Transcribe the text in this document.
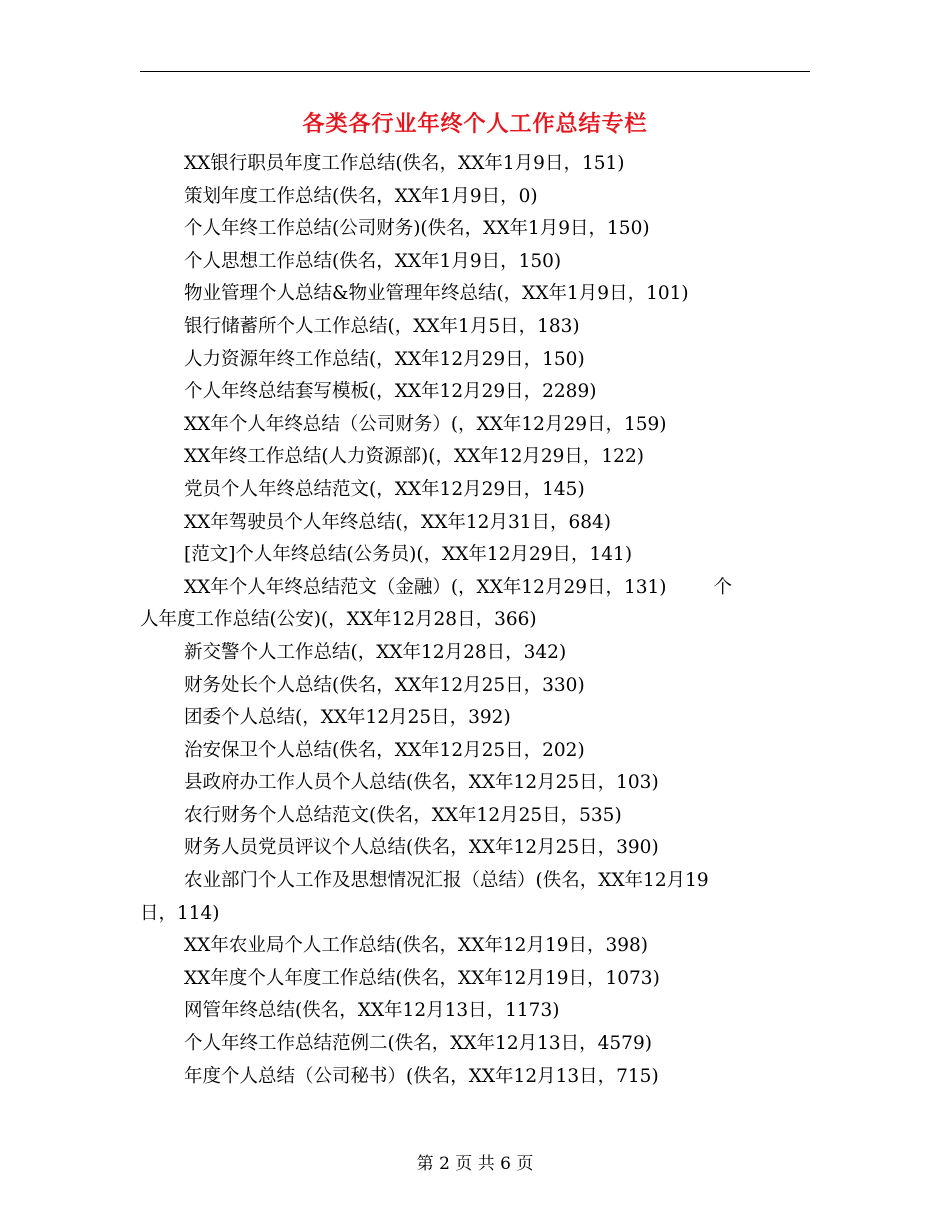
各类各行业年终个人工作总结专栏

XX银行职员年度工作总结(佚名，XX年1月9日，151)

策划年度工作总结(佚名，XX年1月9日，0)

个人年终工作总结(公司财务)(佚名，XX年1月9日，150)

个人思想工作总结(佚名，XX年1月9日，150)

物业管理个人总结&物业管理年终总结(，XX年1月9日，101)

银行储蓄所个人工作总结(，XX年1月5日，183)

人力资源年终工作总结(，XX年12月29日，150)

个人年终总结套写模板(，XX年12月29日，2289)

XX年个人年终总结（公司财务）(，XX年12月29日，159)

XX年终工作总结(人力资源部)(，XX年12月29日，122)

党员个人年终总结范文(，XX年12月29日，145)

XX年驾驶员个人年终总结(，XX年12月31日，684)

[范文]个人年终总结(公务员)(，XX年12月29日，141)

XX年个人年终总结范文（金融）(，XX年12月29日，131)        个

人年度工作总结(公安)(，XX年12月28日，366)

新交警个人工作总结(，XX年12月28日，342)

财务处长个人总结(佚名，XX年12月25日，330)

团委个人总结(，XX年12月25日，392)

治安保卫个人总结(佚名，XX年12月25日，202)

县政府办工作人员个人总结(佚名，XX年12月25日，103)

农行财务个人总结范文(佚名，XX年12月25日，535)

财务人员党员评议个人总结(佚名，XX年12月25日，390)

农业部门个人工作及思想情况汇报（总结）(佚名，XX年12月19

日，114)

XX年农业局个人工作总结(佚名，XX年12月19日，398)

XX年度个人年度工作总结(佚名，XX年12月19日，1073)

网管年终总结(佚名，XX年12月13日，1173)

个人年终工作总结范例二(佚名，XX年12月13日，4579)

年度个人总结（公司秘书）(佚名，XX年12月13日，715)

第 2 页 共 6 页
